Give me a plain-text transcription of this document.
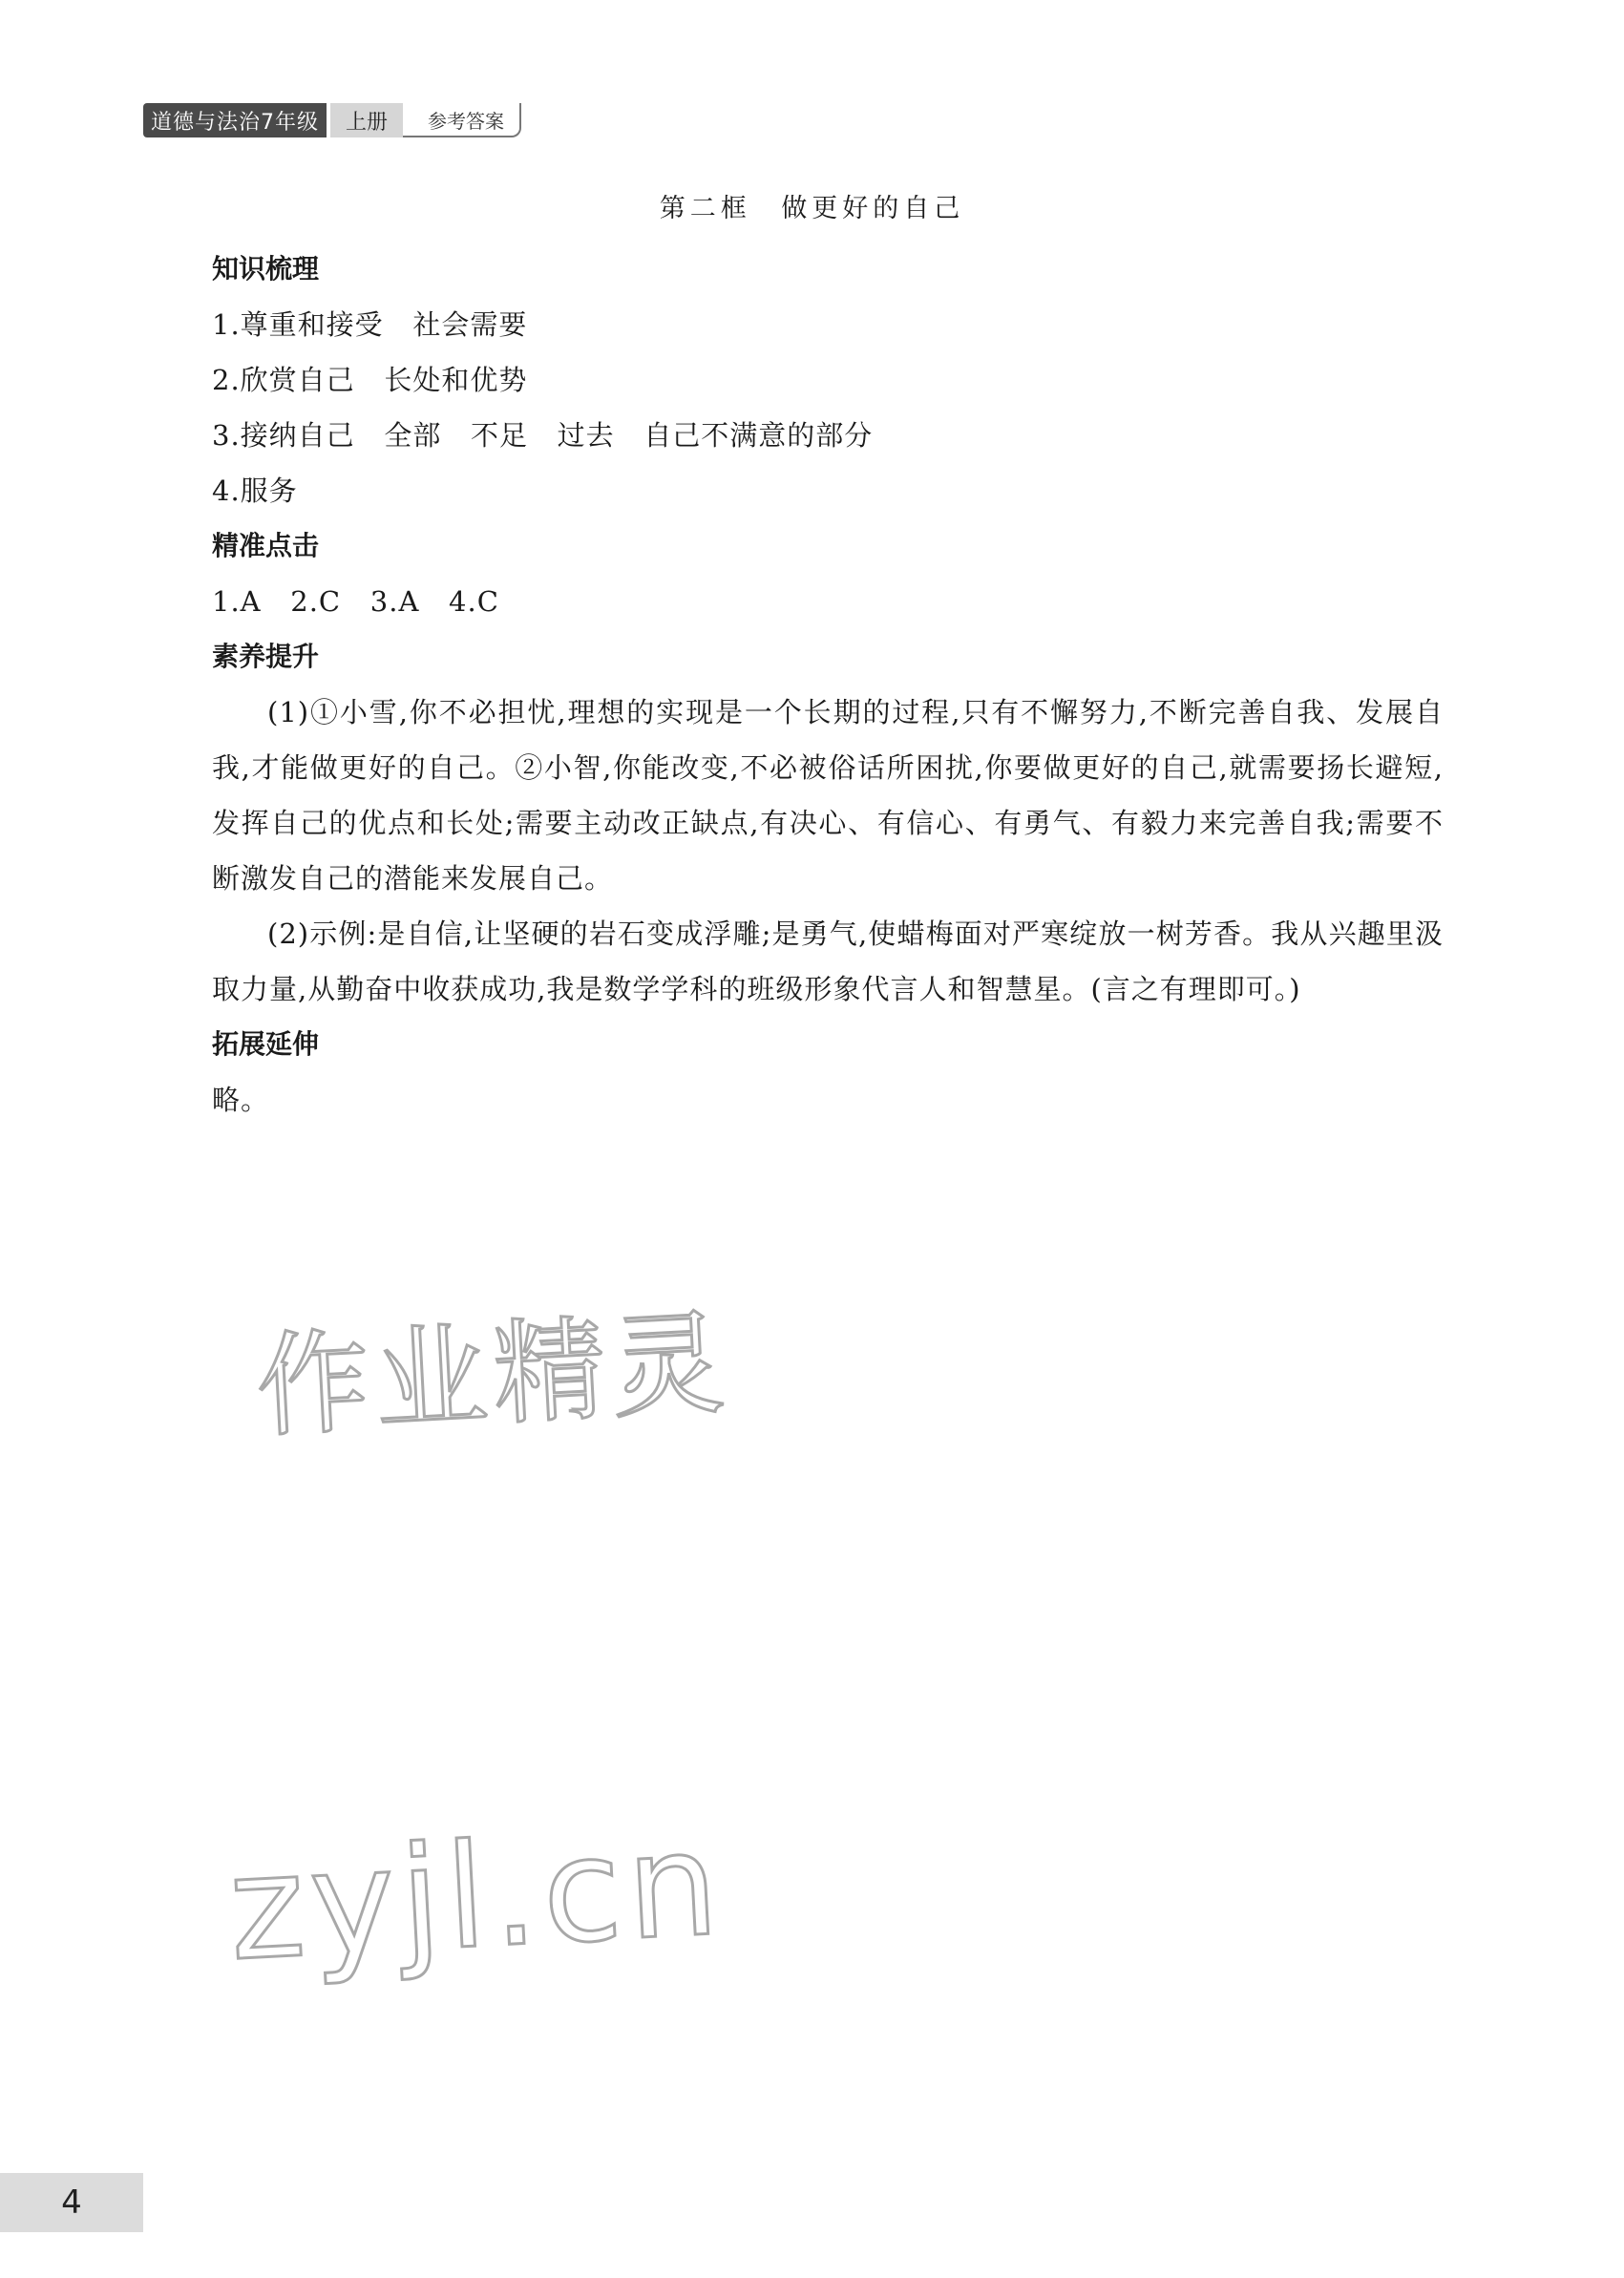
道德与法治7年级	上册	参考答案
第二框 做更好的自己
知识梳理
1.尊重和接受   社会需要
2.欣赏自己   长处和优势
3.接纳自己   全部   不足   过去   自己不满意的部分
4.服务
精准点击
1.A   2.C   3.A   4.C
素养提升
(1)①小雪,你不必担忧,理想的实现是一个长期的过程,只有不懈努力,不断完善自我、发展自我,才能做更好的自己。②小智,你能改变,不必被俗话所困扰,你要做更好的自己,就需要扬长避短,发挥自己的优点和长处;需要主动改正缺点,有决心、有信心、有勇气、有毅力来完善自我;需要不断激发自己的潜能来发展自己。
(2)示例:是自信,让坚硬的岩石变成浮雕;是勇气,使蜡梅面对严寒绽放一树芳香。我从兴趣里汲取力量,从勤奋中收获成功,我是数学学科的班级形象代言人和智慧星。(言之有理即可。)
拓展延伸
略。
作业精灵
zyjl.cn
4
